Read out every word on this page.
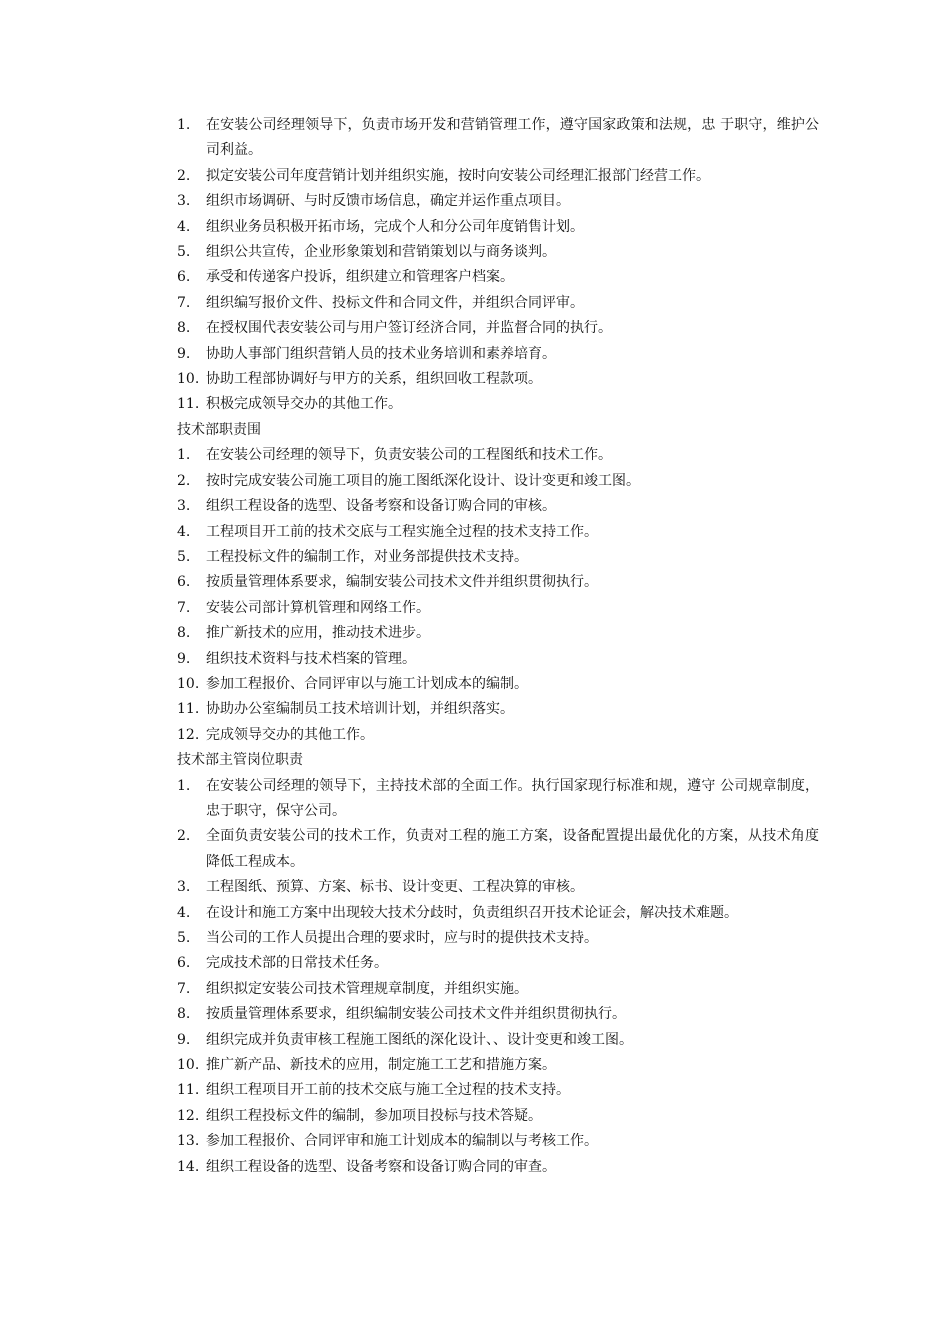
1.	在安装公司经理领导下，负责市场开发和营销管理工作，遵守国家政策和法规，忠 于职守，维护公司利益。
2.	拟定安装公司年度营销计划并组织实施，按时向安装公司经理汇报部门经营工作。
3.	组织市场调研、与时反馈市场信息，确定并运作重点项目。
4.	组织业务员积极开拓市场，完成个人和分公司年度销售计划。
5.	组织公共宣传，企业形象策划和营销策划以与商务谈判。
6.	承受和传递客户投诉，组织建立和管理客户档案。
7.	组织编写报价文件、投标文件和合同文件，并组织合同评审。
8.	在授权围代表安装公司与用户签订经济合同，并监督合同的执行。
9.	协助人事部门组织营销人员的技术业务培训和素养培育。
10. 协助工程部协调好与甲方的关系，组织回收工程款项。
11. 积极完成领导交办的其他工作。
技术部职责围
1.	在安装公司经理的领导下，负责安装公司的工程图纸和技术工作。
2.	按时完成安装公司施工项目的施工图纸深化设计、设计变更和竣工图。
3.	组织工程设备的选型、设备考察和设备订购合同的审核。
4.	工程项目开工前的技术交底与工程实施全过程的技术支持工作。
5.	工程投标文件的编制工作，对业务部提供技术支持。
6.	按质量管理体系要求，编制安装公司技术文件并组织贯彻执行。
7.	安装公司部计算机管理和网络工作。
8.	推广新技术的应用，推动技术进步。
9.	组织技术资料与技术档案的管理。
10. 参加工程报价、合同评审以与施工计划成本的编制。
11. 协助办公室编制员工技术培训计划，并组织落实。
12. 完成领导交办的其他工作。
技术部主管岗位职责
1.	在安装公司经理的领导下，主持技术部的全面工作。执行国家现行标准和规，遵守 公司规章制度，忠于职守，保守公司。
2.	全面负责安装公司的技术工作，负责对工程的施工方案，设备配置提出最优化的方案，从技术角度降低工程成本。
3.	工程图纸、预算、方案、标书、设计变更、工程决算的审核。
4.	在设计和施工方案中出现较大技术分歧时，负责组织召开技术论证会，解决技术难题。
5.	当公司的工作人员提出合理的要求时，应与时的提供技术支持。
6.	完成技术部的日常技术任务。
7.	组织拟定安装公司技术管理规章制度，并组织实施。
8.	按质量管理体系要求，组织编制安装公司技术文件并组织贯彻执行。
9.	组织完成并负责审核工程施工图纸的深化设计、、设计变更和竣工图。
10. 推广新产品、新技术的应用，制定施工工艺和措施方案。
11. 组织工程项目开工前的技术交底与施工全过程的技术支持。
12. 组织工程投标文件的编制，参加项目投标与技术答疑。
13. 参加工程报价、合同评审和施工计划成本的编制以与考核工作。
14. 组织工程设备的选型、设备考察和设备订购合同的审查。
